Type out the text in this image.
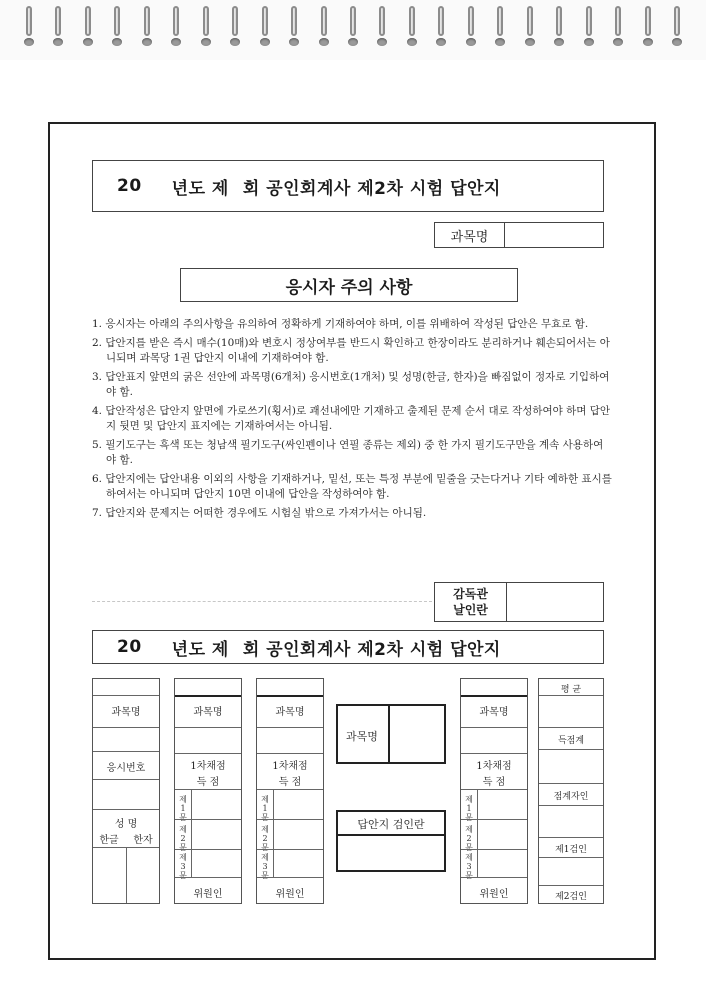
20 년도 제 회 공인회계사 제2차 시험 답안지
과목명
응시자 주의 사항
1. 응시자는 아래의 주의사항을 유의하여 정확하게 기재하여야 하며, 이를 위배하여 작성된 답안은 무효로 함.
2. 답안지를 받은 즉시 매수(10매)와 변호시 정상여부를 반드시 확인하고 한장이라도 분리하거나 훼손되어서는 아니되며 과목당 1권 답안지 이내에 기재하여야 함.
3. 답안표지 앞면의 굵은 선안에 과목명(6개처) 응시번호(1개처) 및 성명(한글, 한자)을 빠짐없이 정자로 기입하여야 함.
4. 답안작성은 답안지 앞면에 가로쓰기(횡서)로 괘선내에만 기재하고 출제된 문제 순서 대로 작성하여야 하며 답안지 뒷면 및 답안지 표지에는 기재하여서는 아니됨.
5. 필기도구는 흑색 또는 청남색 필기도구(싸인펜이나 연필 종류는 제외) 중 한 가지 필기도구만을 계속 사용하여야 함.
6. 답안지에는 답안내용 이외의 사항을 기재하거나, 밑선, 또는 특정 부분에 밑줄을 긋는다거나 기타 예하한 표시를 하여서는 아니되며 답안지 10면 이내에 답안을 작성하여야 함.
7. 답안지와 문제지는 어떠한 경우에도 시험실 밖으로 가져가서는 아니됨.
감독관
날인란
20 년도 제 회 공인회계사 제2차 시험 답안지
과목명
응시번호
성 명
한글	한자
과목명
1차채점
득 점
제1문
제2문
제3문
위원인
과목명
1차채점
득 점
제1문
제2문
제3문
위원인
과목명
답안지 검인란
과목명
1차채점
득 점
제1문
제2문
제3문
위원인
평 균
득점계
점계자인
제1검인
제2검인
